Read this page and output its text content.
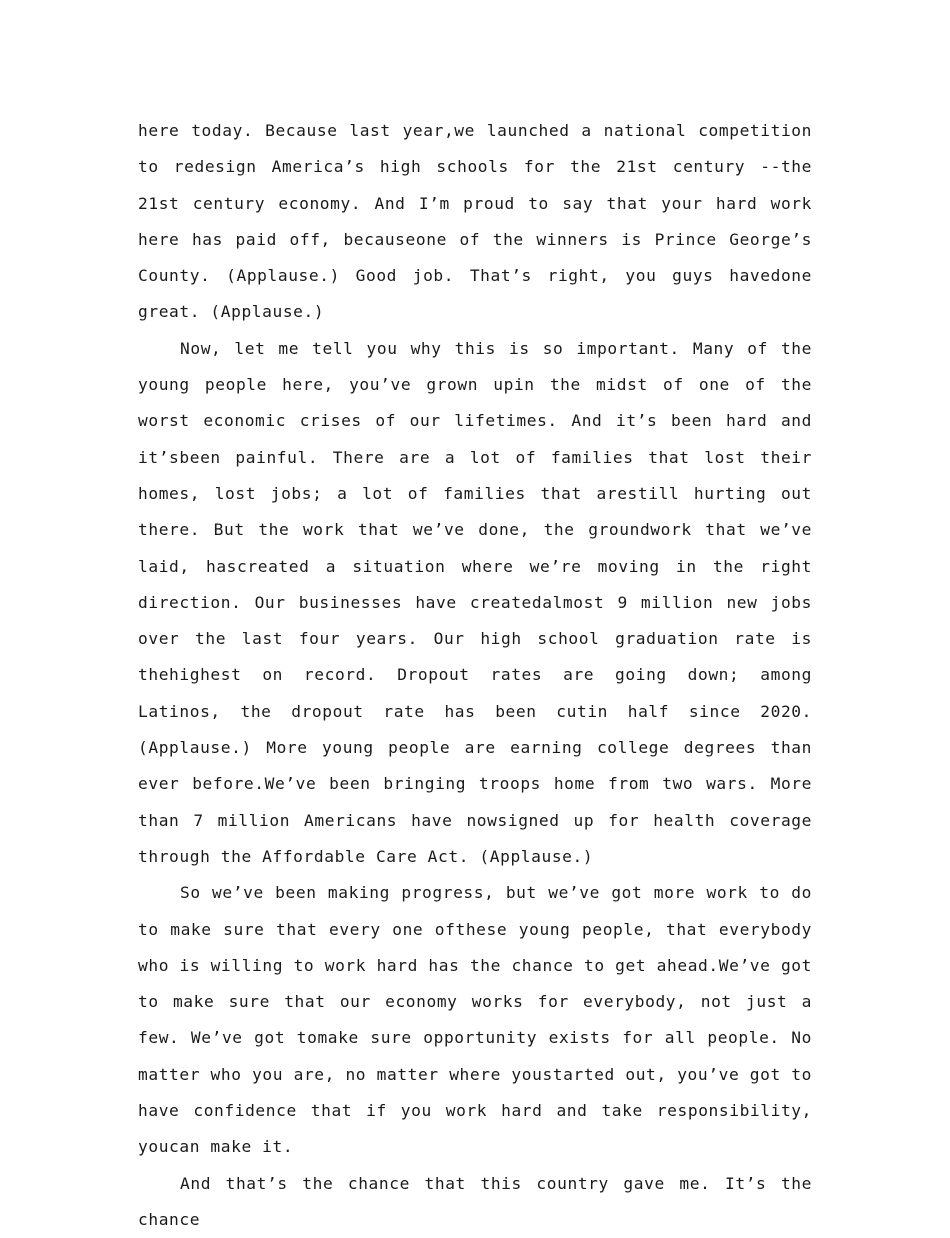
here today. Because last year,we launched a national competition to redesign America’s high schools for the 21st century --the 21st century economy. And I’m proud to say that your hard work here has paid off, becauseone of the winners is Prince George’s County. (Applause.) Good job. That’s right, you guys havedone great. (Applause.)

Now, let me tell you why this is so important. Many of the young people here, you’ve grown upin the midst of one of the worst economic crises of our lifetimes. And it’s been hard and it’sbeen painful. There are a lot of families that lost their homes, lost jobs; a lot of families that arestill hurting out there. But the work that we’ve done, the groundwork that we’ve laid, hascreated a situation where we’re moving in the right direction. Our businesses have createdalmost 9 million new jobs over the last four years. Our high school graduation rate is thehighest on record. Dropout rates are going down; among Latinos, the dropout rate has been cutin half since 2020. (Applause.) More young people are earning college degrees than ever before.We’ve been bringing troops home from two wars. More than 7 million Americans have nowsigned up for health coverage through the Affordable Care Act. (Applause.)

So we’ve been making progress, but we’ve got more work to do to make sure that every one ofthese young people, that everybody who is willing to work hard has the chance to get ahead.We’ve got to make sure that our economy works for everybody, not just a few. We’ve got tomake sure opportunity exists for all people. No matter who you are, no matter where youstarted out, you’ve got to have confidence that if you work hard and take responsibility, youcan make it.

And that’s the chance that this country gave me. It’s the chance
